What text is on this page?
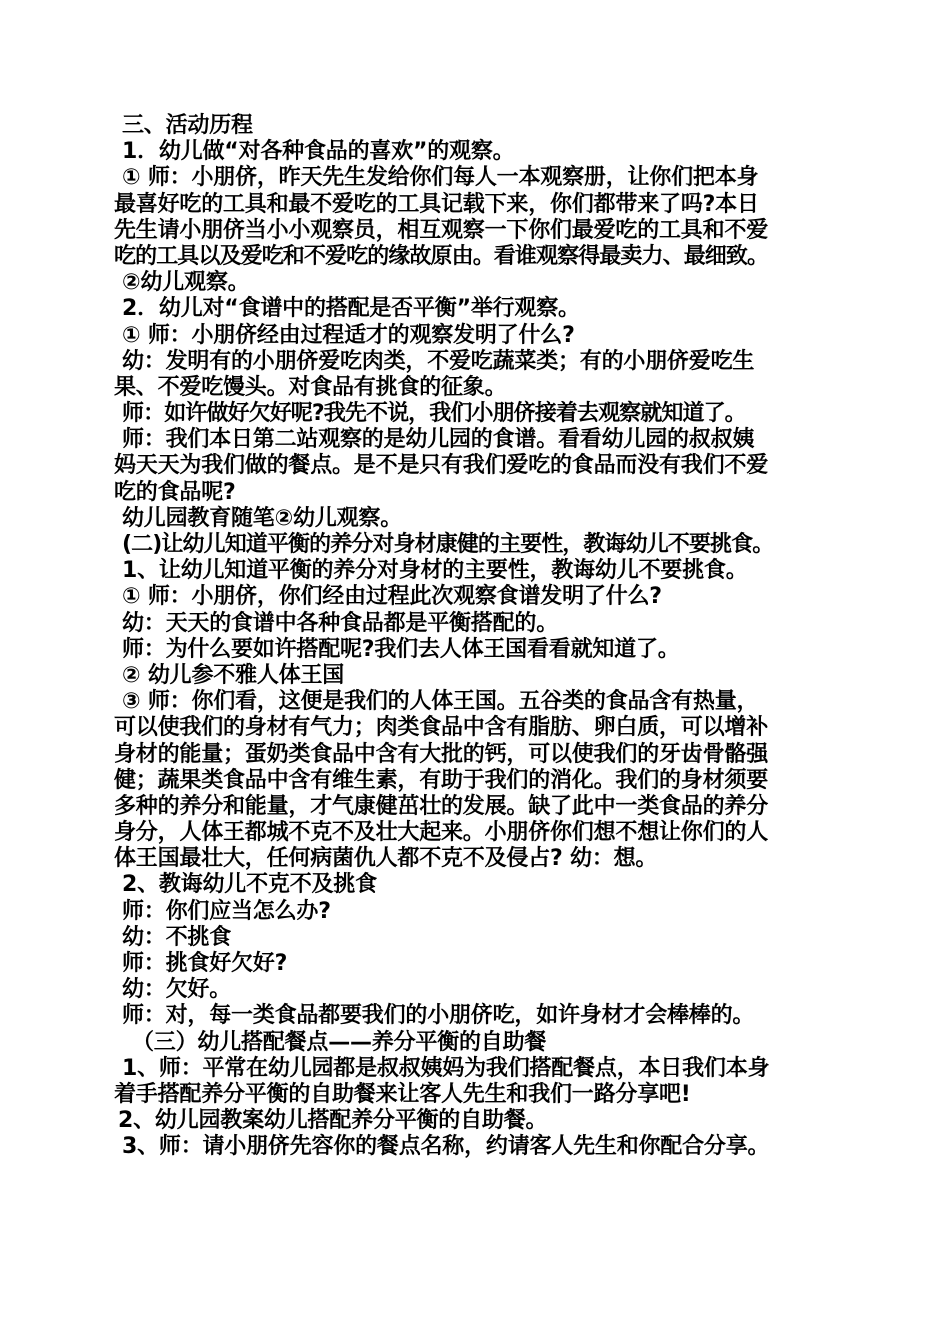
三、活动历程
1．幼儿做“对各种食品的喜欢”的观察。
① 师：小朋侪，昨天先生发给你们每人一本观察册，让你们把本身
最喜好吃的工具和最不爱吃的工具记载下来，你们都带来了吗?本日
先生请小朋侪当小小观察员，相互观察一下你们最爱吃的工具和不爱
吃的工具以及爱吃和不爱吃的缘故原由。看谁观察得最卖力、最细致。
②幼儿观察。
2．幼儿对“食谱中的搭配是否平衡”举行观察。
① 师：小朋侪经由过程适才的观察发明了什么?
幼：发明有的小朋侪爱吃肉类，不爱吃蔬菜类；有的小朋侪爱吃生
果、不爱吃馒头。对食品有挑食的征象。
师：如许做好欠好呢?我先不说，我们小朋侪接着去观察就知道了。
师：我们本日第二站观察的是幼儿园的食谱。看看幼儿园的叔叔姨
妈天天为我们做的餐点。是不是只有我们爱吃的食品而没有我们不爱
吃的食品呢?
幼儿园教育随笔②幼儿观察。
(二)让幼儿知道平衡的养分对身材康健的主要性，教诲幼儿不要挑食。
1、让幼儿知道平衡的养分对身材的主要性，教诲幼儿不要挑食。
① 师：小朋侪，你们经由过程此次观察食谱发明了什么?
幼：天天的食谱中各种食品都是平衡搭配的。
师：为什么要如许搭配呢?我们去人体王国看看就知道了。
② 幼儿参不雅人体王国
③ 师：你们看，这便是我们的人体王国。五谷类的食品含有热量，
可以使我们的身材有气力；肉类食品中含有脂肪、卵白质，可以增补
身材的能量；蛋奶类食品中含有大批的钙，可以使我们的牙齿骨骼强
健；蔬果类食品中含有维生素，有助于我们的消化。我们的身材须要
多种的养分和能量，才气康健茁壮的发展。缺了此中一类食品的养分
身分，人体王都城不克不及壮大起来。小朋侪你们想不想让你们的人
体王国最壮大，任何病菌仇人都不克不及侵占? 幼：想。
2、教诲幼儿不克不及挑食
师：你们应当怎么办?
幼：不挑食
师：挑食好欠好?
幼：欠好。
师：对，每一类食品都要我们的小朋侪吃，如许身材才会棒棒的。
（三）幼儿搭配餐点——养分平衡的自助餐
1、师：平常在幼儿园都是叔叔姨妈为我们搭配餐点，本日我们本身
着手搭配养分平衡的自助餐来让客人先生和我们一路分享吧!
2、幼儿园教案幼儿搭配养分平衡的自助餐。
3、师：请小朋侪先容你的餐点名称，约请客人先生和你配合分享。
